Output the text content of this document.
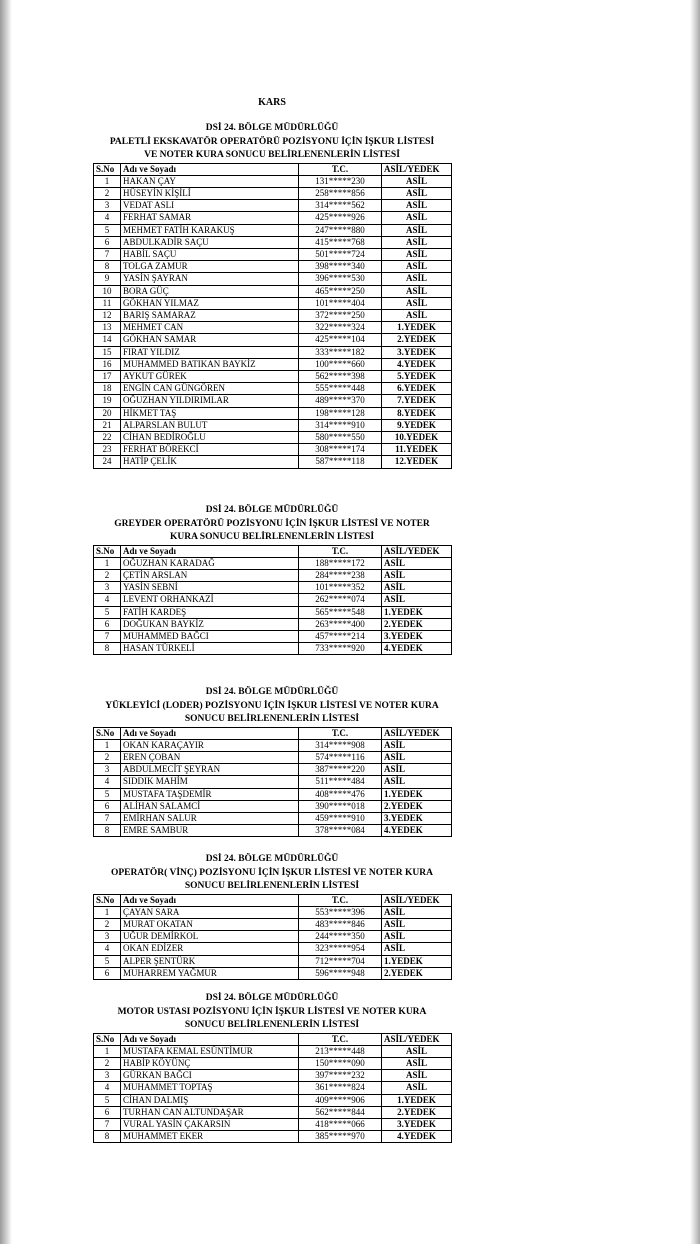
KARS
DSİ 24. BÖLGE MÜDÜRLÜĞÜ
PALETLİ EKSKAVATÖR OPERATÖRÜ POZİSYONU İÇİN İŞKUR LİSTESİ
VE NOTER KURA SONUCU BELİRLENENLERİN LİSTESİ
S.No	Adı ve Soyadı	T.C.	ASİL/YEDEK
1	HAKAN ÇAY	131*****230	ASİL
2	HÜSEYİN KİŞİLİ	258*****856	ASİL
3	VEDAT ASLI	314*****562	ASİL
4	FERHAT SAMAR	425*****926	ASİL
5	MEHMET FATİH KARAKUŞ	247*****880	ASİL
6	ABDULKADİR SAÇU	415*****768	ASİL
7	HABİL SAÇU	501*****724	ASİL
8	TOLGA ZAMUR	398*****340	ASİL
9	YASİN ŞAYRAN	396*****530	ASİL
10	BORA GÜÇ	465*****250	ASİL
11	GÖKHAN YILMAZ	101*****404	ASİL
12	BARIŞ SAMARAZ	372*****250	ASİL
13	MEHMET CAN	322*****324	1.YEDEK
14	GÖKHAN SAMAR	425*****104	2.YEDEK
15	FIRAT YILDIZ	333*****182	3.YEDEK
16	MUHAMMED BATIKAN BAYKİZ	100*****660	4.YEDEK
17	AYKUT GÜREK	562*****398	5.YEDEK
18	ENGİN CAN GÜNGÖREN	555*****448	6.YEDEK
19	OĞUZHAN YILDIRIMLAR	489*****370	7.YEDEK
20	HİKMET TAŞ	198*****128	8.YEDEK
21	ALPARSLAN BULUT	314*****910	9.YEDEK
22	CİHAN BEDİROĞLU	580*****550	10.YEDEK
23	FERHAT BÖREKCİ	308*****174	11.YEDEK
24	HATİP ÇELİK	587*****118	12.YEDEK
DSİ 24. BÖLGE MÜDÜRLÜĞÜ
GREYDER OPERATÖRÜ POZİSYONU İÇİN İŞKUR LİSTESİ VE NOTER
KURA SONUCU BELİRLENENLERİN LİSTESİ
S.No	Adı ve Soyadı	T.C.	ASİL/YEDEK
1	OĞUZHAN KARADAĞ	188*****172	ASİL
2	ÇETİN ARSLAN	284*****238	ASİL
3	YASİN SEBNİ	101*****352	ASİL
4	LEVENT ORHANKAZİ	262*****074	ASİL
5	FATİH KARDEŞ	565*****548	1.YEDEK
6	DOĞUKAN BAYKİZ	263*****400	2.YEDEK
7	MUHAMMED BAĞCI	457*****214	3.YEDEK
8	HASAN TÜRKELİ	733*****920	4.YEDEK
DSİ 24. BÖLGE MÜDÜRLÜĞÜ
YÜKLEYİCİ (LODER) POZİSYONU İÇİN İŞKUR LİSTESİ VE NOTER KURA
SONUCU BELİRLENENLERİN LİSTESİ
S.No	Adı ve Soyadı	T.C.	ASİL/YEDEK
1	OKAN KARAÇAYIR	314*****908	ASİL
2	EREN ÇOBAN	574*****116	ASİL
3	ABDULMECİT ŞEYRAN	387*****220	ASİL
4	SIDDIK MAHİM	511*****484	ASİL
5	MUSTAFA TAŞDEMİR	408*****476	1.YEDEK
6	ALİHAN SALAMCİ	390*****018	2.YEDEK
7	EMİRHAN SALUR	459*****910	3.YEDEK
8	EMRE SAMBUR	378*****084	4.YEDEK
DSİ 24. BÖLGE MÜDÜRLÜĞÜ
OPERATÖR( VİNÇ) POZİSYONU İÇİN İŞKUR LİSTESİ VE NOTER KURA
SONUCU BELİRLENENLERİN LİSTESİ
S.No	Adı ve Soyadı	T.C.	ASİL/YEDEK
1	ÇAYAN SARA	553*****396	ASİL
2	MURAT OKATAN	483*****846	ASİL
3	UĞUR DEMİRKOL	244*****350	ASİL
4	OKAN EDİZER	323*****954	ASİL
5	ALPER ŞENTÜRK	712*****704	1.YEDEK
6	MUHARREM YAĞMUR	596*****948	2.YEDEK
DSİ 24. BÖLGE MÜDÜRLÜĞÜ
MOTOR USTASI POZİSYONU İÇİN İŞKUR LİSTESİ VE NOTER KURA
SONUCU BELİRLENENLERİN LİSTESİ
S.No	Adı ve Soyadı	T.C.	ASİL/YEDEK
1	MUSTAFA KEMAL ESÜNTİMUR	213*****448	ASİL
2	HABİP KÖYÜNÇ	150*****090	ASİL
3	GÜRKAN BAĞCI	397*****232	ASİL
4	MUHAMMET TOPTAŞ	361*****824	ASİL
5	CİHAN DALMIŞ	409*****906	1.YEDEK
6	TURHAN CAN ALTUNDAŞAR	562*****844	2.YEDEK
7	VURAL YASİN ÇAKARSIN	418*****066	3.YEDEK
8	MUHAMMET EKER	385*****970	4.YEDEK
